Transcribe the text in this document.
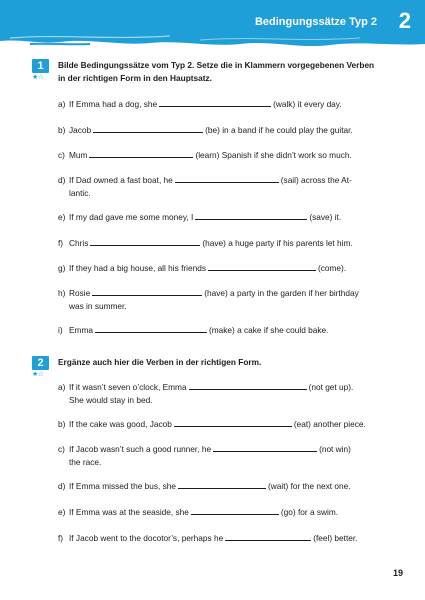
Bedingungssätze Typ 2 2
1
★☆
Bilde Bedingungssätze vom Typ 2. Setze die in Klammern vorgegebenen Verben
in der richtigen Form in den Hauptsatz.
a) If Emma had a dog, she	(walk) it every day.
b) Jacob	(be) in a band if he could play the guitar.
c) Mum	(learn) Spanish if she didn’t work so much.
d) If Dad owned a fast boat, he	(sail) across the At-
lantic.
e) If my dad gave me some money, I	(save) it.
f) Chris	(have) a huge party if his parents let him.
g) If they had a big house, all his friends	(come).
h) Rosie	(have) a party in the garden if her birthday
was in summer.
i) Emma	(make) a cake if she could bake.
2
★☆
Ergänze auch hier die Verben in der richtigen Form.
a) If it wasn’t seven o’clock, Emma	(not get up).
She would stay in bed.
b) If the cake was good, Jacob	(eat) another piece.
c) If Jacob wasn’t such a good runner, he	(not win)
the race.
d) If Emma missed the bus, she	(wait) for the next one.
e) If Emma was at the seaside, she	(go) for a swim.
f) If Jacob went to the docotor’s, perhaps he	(feel) better.
19
